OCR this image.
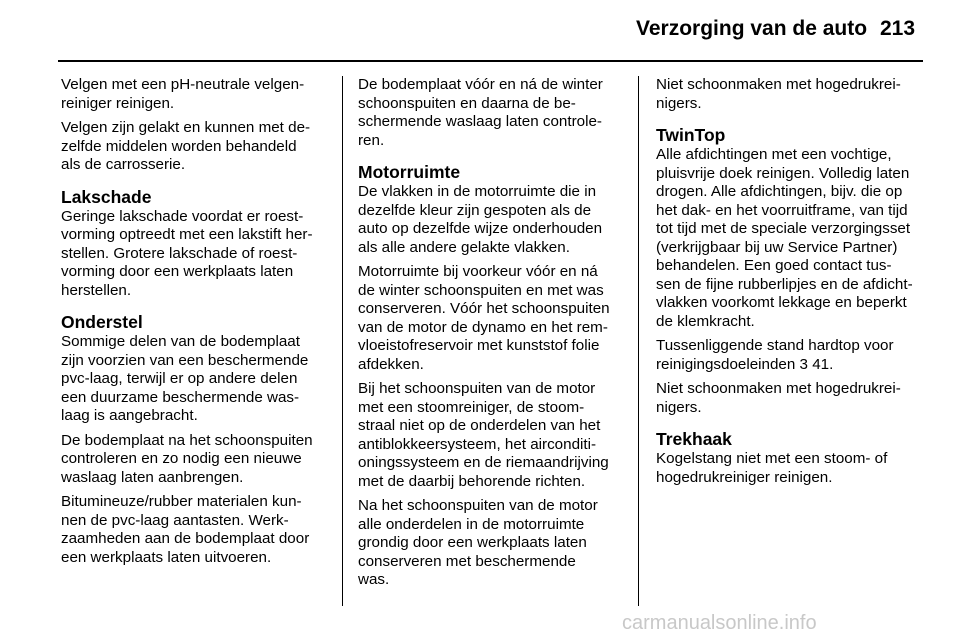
Verzorging van de auto 213

Velgen met een pH-neutrale velgen-
reiniger reinigen.

Velgen zijn gelakt en kunnen met de-
zelfde middelen worden behandeld
als de carrosserie.

Lakschade

Geringe lakschade voordat er roest-
vorming optreedt met een lakstift her-
stellen. Grotere lakschade of roest-
vorming door een werkplaats laten
herstellen.

Onderstel

Sommige delen van de bodemplaat
zijn voorzien van een beschermende
pvc-laag, terwijl er op andere delen
een duurzame beschermende was-
laag is aangebracht.

De bodemplaat na het schoonspuiten
controleren en zo nodig een nieuwe
waslaag laten aanbrengen.

Bitumineuze/rubber materialen kun-
nen de pvc-laag aantasten. Werk-
zaamheden aan de bodemplaat door
een werkplaats laten uitvoeren.

De bodemplaat vóór en ná de winter
schoonspuiten en daarna de be-
schermende waslaag laten controle-
ren.

Motorruimte

De vlakken in de motorruimte die in
dezelfde kleur zijn gespoten als de
auto op dezelfde wijze onderhouden
als alle andere gelakte vlakken.

Motorruimte bij voorkeur vóór en ná
de winter schoonspuiten en met was
conserveren. Vóór het schoonspuiten
van de motor de dynamo en het rem-
vloeistofreservoir met kunststof folie
afdekken.

Bij het schoonspuiten van de motor
met een stoomreiniger, de stoom-
straal niet op de onderdelen van het
antiblokkeersysteem, het airconditi-
oningssysteem en de riemaandrijving
met de daarbij behorende richten.

Na het schoonspuiten van de motor
alle onderdelen in de motorruimte
grondig door een werkplaats laten
conserveren met beschermende
was.

Niet schoonmaken met hogedrukrei-
nigers.

TwinTop

Alle afdichtingen met een vochtige,
pluisvrije doek reinigen. Volledig laten
drogen. Alle afdichtingen, bijv. die op
het dak- en het voorruitframe, van tijd
tot tijd met de speciale verzorgingsset
(verkrijgbaar bij uw Service Partner)
behandelen. Een goed contact tus-
sen de fijne rubberlipjes en de afdicht-
vlakken voorkomt lekkage en beperkt
de klemkracht.

Tussenliggende stand hardtop voor
reinigingsdoeleinden 3 41.

Niet schoonmaken met hogedrukrei-
nigers.

Trekhaak

Kogelstang niet met een stoom- of
hogedrukreiniger reinigen.

carmanualsonline.info
